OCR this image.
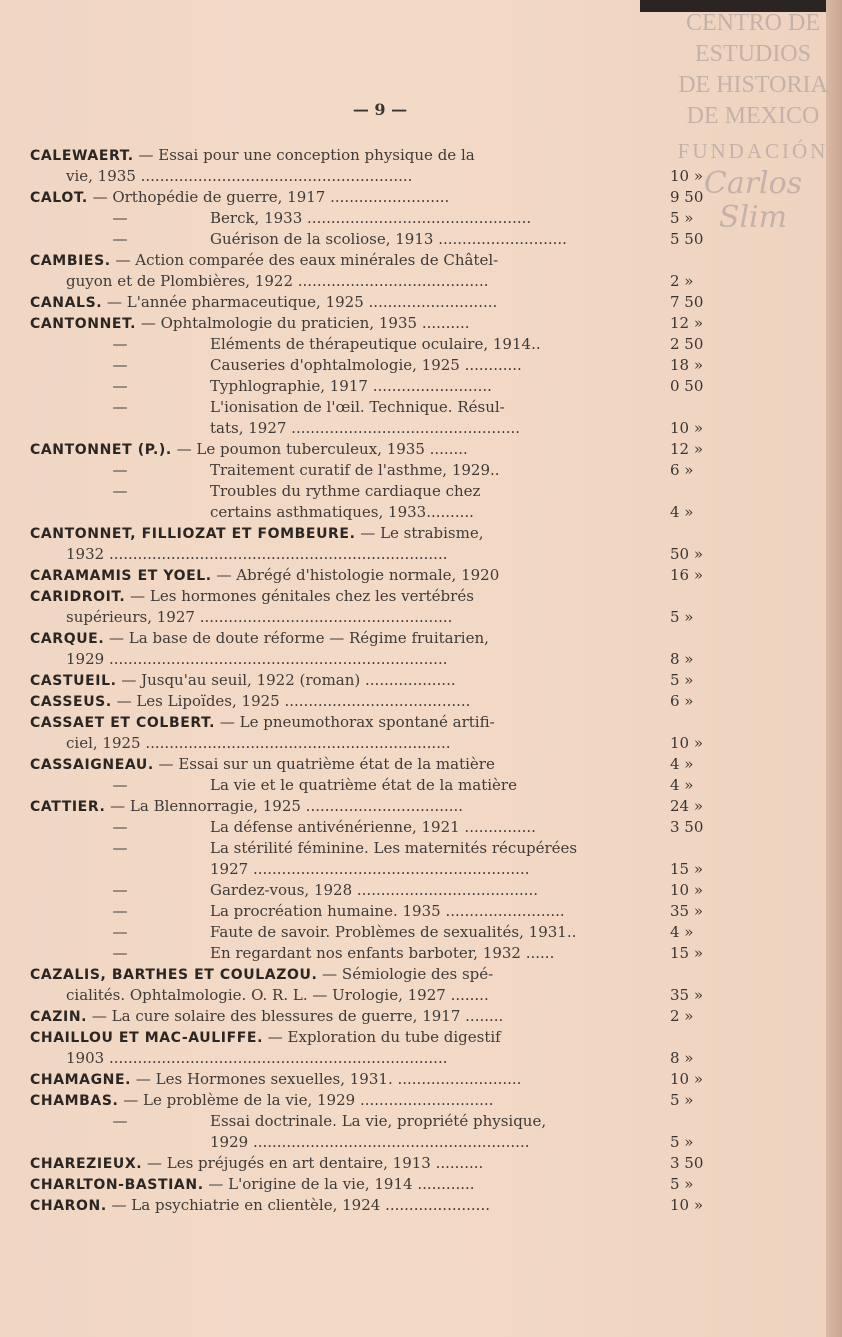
CENTRO DE
ESTUDIOS
DE HISTORIA
DE MEXICO
FUNDACIÓN
Carlos Slim
— 9 —
CALEWAERT. — Essai pour une conception physique de la
vie, 1935 .........................................................	10 »
CALOT. — Orthopédie de guerre, 1917 .........................	9 50
—	Berck, 1933 ...............................................	5 »
—	Guérison de la scoliose, 1913 ...........................	5 50
CAMBIES. — Action comparée des eaux minérales de Châtel-
guyon et de Plombières, 1922 ........................................	2 »
CANALS. — L'année pharmaceutique, 1925 ...........................	7 50
CANTONNET. — Ophtalmologie du praticien, 1935 ..........	12 »
—	Eléments de thérapeutique oculaire, 1914..	2 50
—	Causeries d'ophtalmologie, 1925 ............	18 »
—	Typhlographie, 1917 .........................	0 50
—	L'ionisation de l'œil. Technique. Résul-
tats, 1927 ................................................	10 »
CANTONNET (P.). — Le poumon tuberculeux, 1935 ........	12 »
—	Traitement curatif de l'asthme, 1929..	6 »
—	Troubles du rythme cardiaque chez
certains asthmatiques, 1933..........	4 »
CANTONNET, FILLIOZAT ET FOMBEURE. — Le strabisme,
1932 .......................................................................	50 »
CARAMAMIS ET YOEL. — Abrégé d'histologie normale, 1920	16 »
CARIDROIT. — Les hormones génitales chez les vertébrés
supérieurs, 1927 .....................................................	5 »
CARQUE. — La base de doute réforme — Régime fruitarien,
1929 .......................................................................	8 »
CASTUEIL. — Jusqu'au seuil, 1922 (roman) ...................	5 »
CASSEUS. — Les Lipoïdes, 1925 .......................................	6 »
CASSAET ET COLBERT. — Le pneumothorax spontané artifi-
ciel, 1925 ................................................................	10 »
CASSAIGNEAU. — Essai sur un quatrième état de la matière	4 »
—	La vie et le quatrième état de la matière	4 »
CATTIER. — La Blennorragie, 1925 .................................	24 »
—	La défense antivénérienne, 1921 ...............	3 50
—	La stérilité féminine. Les maternités récupérées
1927 ..........................................................	15 »
—	Gardez-vous, 1928 ......................................	10 »
—	La procréation humaine. 1935 .........................	35 »
—	Faute de savoir. Problèmes de sexualités, 1931..	4 »
—	En regardant nos enfants barboter, 1932 ......	15 »
CAZALIS, BARTHES ET COULAZOU. — Sémiologie des spé-
cialités. Ophtalmologie. O. R. L. — Urologie, 1927 ........	35 »
CAZIN. — La cure solaire des blessures de guerre, 1917 ........	2 »
CHAILLOU ET MAC-AULIFFE. — Exploration du tube digestif
1903 .......................................................................	8 »
CHAMAGNE. — Les Hormones sexuelles, 1931. ..........................	10 »
CHAMBAS. — Le problème de la vie, 1929 ............................	5 »
—	Essai doctrinale. La vie, propriété physique,
1929 ..........................................................	5 »
CHAREZIEUX. — Les préjugés en art dentaire, 1913 ..........	3 50
CHARLTON-BASTIAN. — L'origine de la vie, 1914 ............	5 »
CHARON. — La psychiatrie en clientèle, 1924 ......................	10 »
